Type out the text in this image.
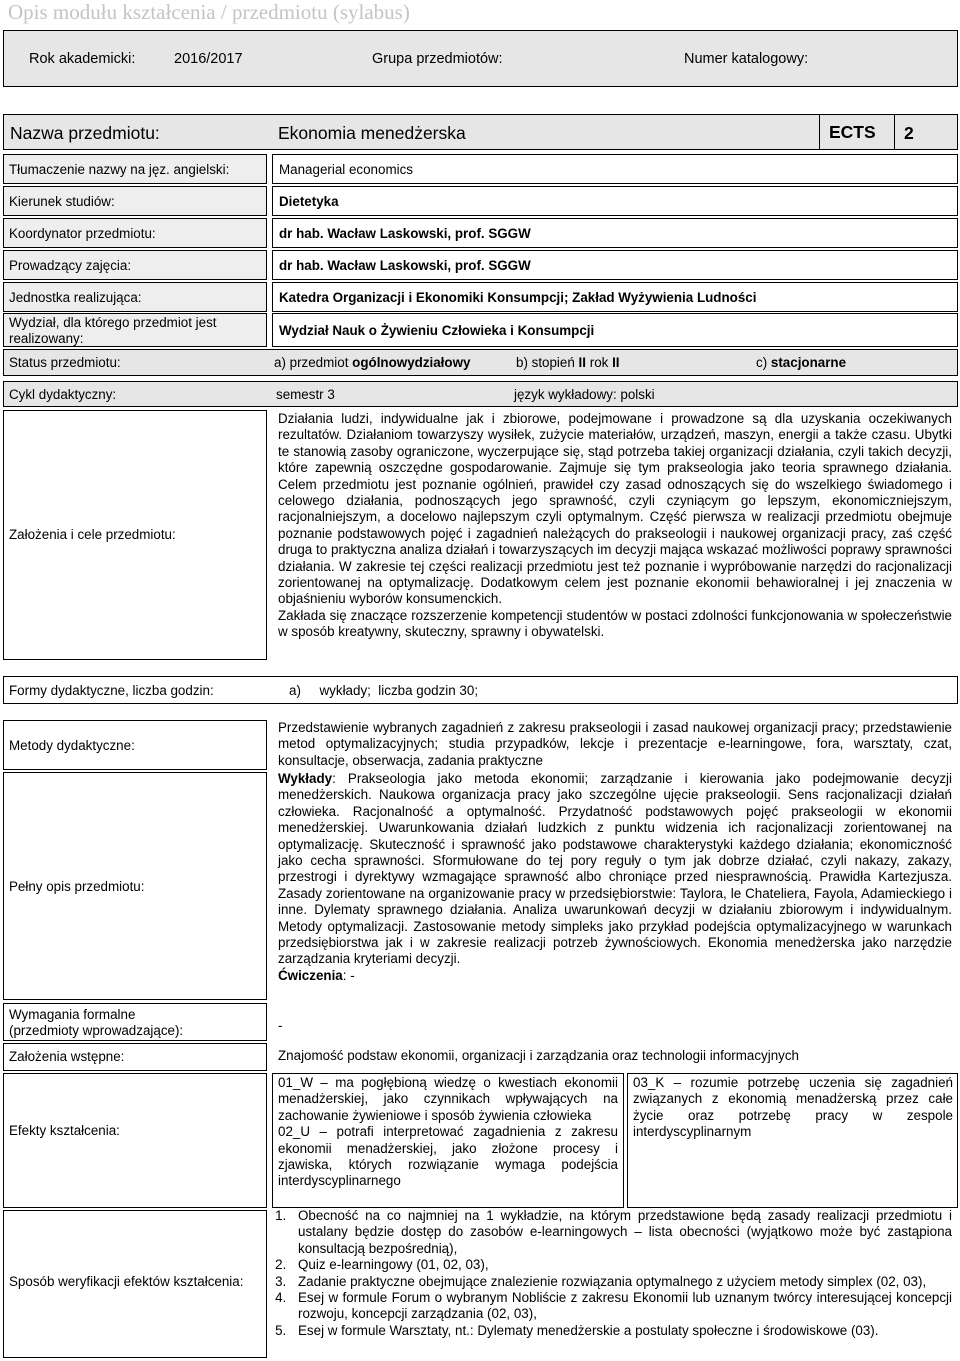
Opis modułu kształcenia / przedmiotu (sylabus)
Rok akademicki:	2016/2017	Grupa przedmiotów:	Numer katalogowy:
Nazwa przedmiotu:	Ekonomia menedżerska	ECTS	2
Tłumaczenie nazwy na jęz. angielski:	Managerial economics
Kierunek studiów:	Dietetyka
Koordynator przedmiotu:	dr hab. Wacław Laskowski, prof. SGGW
Prowadzący zajęcia:	dr hab. Wacław Laskowski, prof. SGGW
Jednostka realizująca:	Katedra Organizacji i Ekonomiki Konsumpcji; Zakład Wyżywienia Ludności
Wydział, dla którego przedmiot jest
realizowany:
Wydział Nauk o Żywieniu Człowieka i Konsumpcji
Status przedmiotu:	a) przedmiot ogólnowydziałowy	b) stopień II rok II	c) stacjonarne
Cykl dydaktyczny:	semestr 3	język wykładowy: polski
Założenia i cele przedmiotu:
Działania ludzi, indywidualne jak i zbiorowe, podejmowane i prowadzone są dla uzyskania oczekiwanych rezultatów. Działaniom towarzyszy wysiłek, zużycie materiałów, urządzeń, maszyn, energii a także czasu. Ubytki te stanowią zasoby ograniczone, wyczerpujące się, stąd potrzeba takiej organizacji działania, czyli takich decyzji, które zapewnią oszczędne gospodarowanie. Zajmuje się tym prakseologia jako teoria sprawnego działania. Celem przedmiotu jest poznanie ogólnień, prawideł czy zasad odnoszących się do wszelkiego świadomego i celowego działania, podnoszących jego sprawność, czyli czyniącym go lepszym, ekonomiczniejszym, racjonalniejszym, a docelowo najlepszym czyli optymalnym. Część pierwsza w realizacji przedmiotu obejmuje poznanie podstawowych pojęć i zagadnień należących do prakseologii i naukowej organizacji pracy, zaś część druga to praktyczna analiza działań i towarzyszących im decyzji mająca wskazać możliwości poprawy sprawności działania. W zakresie tej części realizacji przedmiotu jest też poznanie i wypróbowanie narzędzi do racjonalizacji zorientowanej na optymalizację. Dodatkowym celem jest poznanie ekonomii behawioralnej i jej znaczenia w objaśnieniu wyborów konsumenckich.
Zakłada się znaczące rozszerzenie kompetencji studentów w postaci zdolności funkcjonowania w społeczeństwie w sposób kreatywny, skuteczny, sprawny i obywatelski.
Formy dydaktyczne, liczba godzin:	a)     wykłady;  liczba godzin 30;
Metody dydaktyczne:
Przedstawienie wybranych zagadnień z zakresu prakseologii i zasad naukowej organizacji pracy; przedstawienie metod optymalizacyjnych; studia przypadków, lekcje i prezentacje e-learningowe, fora, warsztaty, czat, konsultacje, obserwacja, zadania praktyczne
Pełny opis przedmiotu:
Wykłady: Prakseologia jako metoda ekonomii; zarządzanie i kierowania jako podejmowanie decyzji menedżerskich. Naukowa organizacja pracy jako szczególne ujęcie prakseologii. Sens racjonalizacji działań człowieka. Racjonalność a optymalność. Przydatność podstawowych pojęć prakseologii w ekonomii menedżerskiej. Uwarunkowania działań ludzkich z punktu widzenia ich racjonalizacji zorientowanej na optymalizację. Skuteczność i sprawność jako podstawowe charakterystyki każdego działania; ekonomiczność jako cecha sprawności. Sformułowane do tej pory reguły o tym jak dobrze działać, czyli nakazy, zakazy, przestrogi i dyrektywy wzmagające sprawność albo chroniące przed niesprawnością. Prawidła Kartezjusza. Zasady zorientowane na organizowanie pracy w przedsiębiorstwie: Taylora, le Chateliera, Fayola, Adamieckiego i inne. Dylematy sprawnego działania. Analiza uwarunkowań decyzji w działaniu zbiorowym i indywidualnym. Metody optymalizacji. Zastosowanie metody simpleks jako przykład podejścia optymalizacyjnego w warunkach przedsiębiorstwa jak i w zakresie realizacji potrzeb żywnościowych. Ekonomia menedżerska jako narzędzie zarządzania kryteriami decyzji.
Ćwiczenia: -
Wymagania formalne
(przedmioty wprowadzające):	-
Założenia wstępne:	Znajomość podstaw ekonomii, organizacji i zarządzania oraz technologii informacyjnych
Efekty kształcenia:
01_W – ma pogłębioną wiedzę o kwestiach ekonomii menadżerskiej, jako czynnikach wpływających na zachowanie żywieniowe i sposób żywienia człowieka
02_U – potrafi interpretować zagadnienia z zakresu ekonomii menadżerskiej, jako złożone procesy i zjawiska, których rozwiązanie wymaga podejścia interdyscyplinarnego
03_K – rozumie potrzebę uczenia się zagadnień związanych z ekonomią menadżerską przez całe życie oraz potrzebę pracy w zespole interdyscyplinarnym
Sposób weryfikacji efektów kształcenia:
1. Obecność na co najmniej na 1 wykładzie, na którym przedstawione będą zasady realizacji przedmiotu i ustalany będzie dostęp do zasobów e-learningowych – lista obecności (wyjątkowo może być zastąpiona konsultacją bezpośrednią),
2. Quiz e-learningowy (01, 02, 03),
3. Zadanie praktyczne obejmujące znalezienie rozwiązania optymalnego z użyciem metody simplex (02, 03),
4. Esej w formule Forum o wybranym Nobliście z zakresu Ekonomii lub uznanym twórcy interesującej koncepcji rozwoju, koncepcji zarządzania (02, 03),
5. Esej w formule Warsztaty, nt.: Dylematy menedżerskie a postulaty społeczne i środowiskowe (03).
